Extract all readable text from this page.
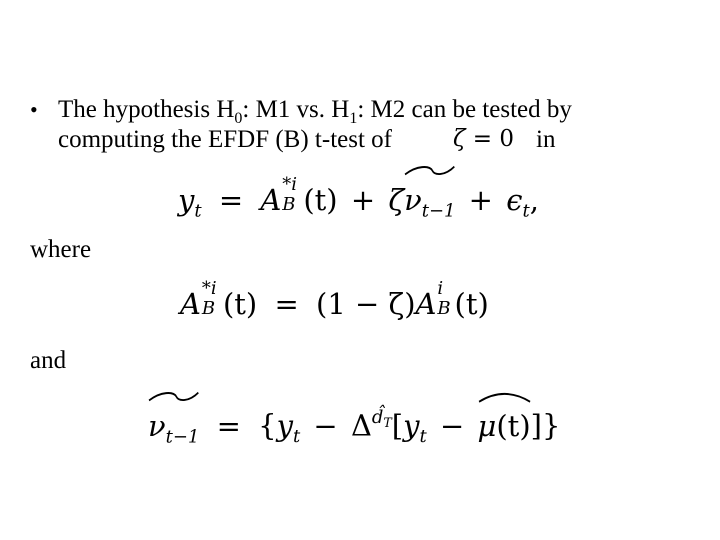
• The hypothesis $H_0$: M1 vs. $H_1$: M2 can be tested by
computing the EFDF (B) t-test of	ζ = 0 in
$y_t = A$ *i
B (t) + ζ
$\nu_{t-1} + \epsilon_t$,
where
A *i
B (t) = (1 − ζ)A i
B (t)
and
$\nu_{t-1} = \{y_t - \Delta^{d̂_T}[y_t - \mu(t)]\}$
